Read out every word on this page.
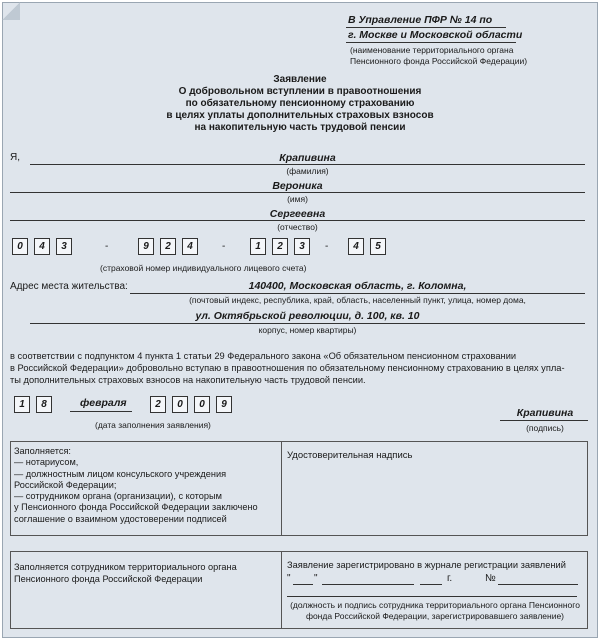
В Управление ПФР № 14 по
г. Москве и Московской области
(наименование территориального органа
Пенсионного фонда Российской Федерации)
Заявление
О добровольном вступлении в правоотношения
по обязательному пенсионному страхованию
в целях уплаты дополнительных страховых взносов
на накопительную часть трудовой пенсии
Я,	Крапивина
(фамилия)
Вероника
(имя)
Сергеевна
(отчество)
0	4	3	-	9	2	4	-	1	2	3	-	4	5
(страховой номер индивидуального лицевого счета)
Адрес места жительства:	140400, Московская область, г. Коломна,
(почтовый индекс, республика, край, область, населенный пункт, улица, номер дома,
ул. Октябрьской революции, д. 100, кв. 10
корпус, номер квартиры)
в соответствии с подпунктом 4 пункта 1 статьи 29 Федерального закона «Об обязательном пенсионном страховании
в Российской Федерации» добровольно вступаю в правоотношения по обязательному пенсионному страхованию в целях упла-
ты дополнительных страховых взносов на накопительную часть трудовой пенсии.
1	8	февраля	2	0	0	9
(дата заполнения заявления)
Крапивина
(подпись)
Заполняется:
— нотариусом,
— должностным лицом консульского учреждения
Российской Федерации;
— сотрудником органа (организации), с которым
у Пенсионного фонда Российской Федерации заключено
соглашение о взаимном удостоверении подписей
Удостоверительная надпись
Заполняется сотрудником территориального органа
Пенсионного фонда Российской Федерации
Заявление зарегистрировано в журнале регистрации заявлений
" "	г.	№
(должность и подпись сотрудника территориального органа Пенсионного
фонда Российской Федерации, зарегистрировавшего заявление)
